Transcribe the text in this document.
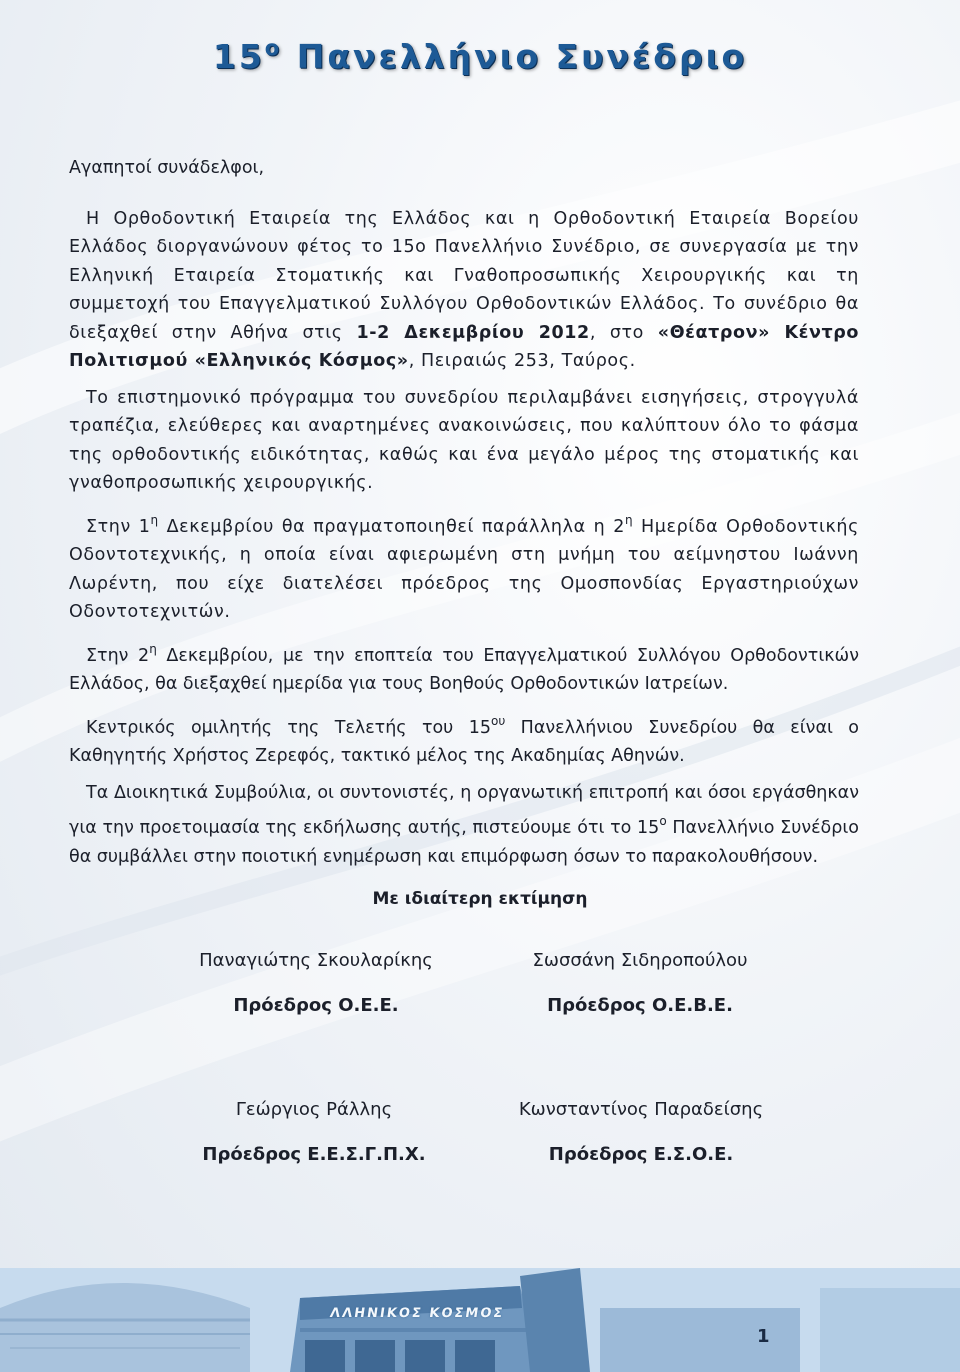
$15^o$ Πανελλήνιο Συνέδριο

Αγαπητοί συνάδελφοι,

Η Ορθοδοντική Εταιρεία της Ελλάδος και η Ορθοδοντική Εταιρεία Βορείου Ελλάδος διοργανώνουν φέτος το 15ο Πανελλήνιο Συνέδριο, σε συνεργασία με την Ελληνική Εταιρεία Στοματικής και Γναθοπροσωπικής Χειρουργικής και τη συμμετοχή του Επαγγελματικού Συλλόγου Ορθοδοντικών Ελλάδος. Το συνέδριο θα διεξαχθεί στην Αθήνα στις 1-2 Δεκεμβρίου 2012, στο «Θέατρον» Κέντρο Πολιτισμού «Ελληνικός Κόσμος», Πειραιώς 253, Ταύρος.

Το επιστημονικό πρόγραμμα του συνεδρίου περιλαμβάνει εισηγήσεις, στρογγυλά τραπέζια, ελεύθερες και αναρτημένες ανακοινώσεις, που καλύπτουν όλο το φάσμα της ορθοδοντικής ειδικότητας, καθώς και ένα μεγάλο μέρος της στοματικής και γναθοπροσωπικής χειρουργικής.

Στην $1^\eta$ Δεκεμβρίου θα πραγματοποιηθεί παράλληλα η $2^\eta$ Ημερίδα Ορθοδοντικής Οδοντοτεχνικής, η οποία είναι αφιερωμένη στη μνήμη του αείμνηστου Ιωάννη Λωρέντη, που είχε διατελέσει πρόεδρος της Ομοσπονδίας Εργαστηριούχων Οδοντοτεχνιτών.

Στην $2^\eta$ Δεκεμβρίου, με την εποπτεία του Επαγγελματικού Συλλόγου Ορθοδοντικών Ελλάδος, θα διεξαχθεί ημερίδα για τους Βοηθούς Ορθοδοντικών Ιατρείων.

Κεντρικός ομιλητής της Τελετής του $15^{o\upsilon}$ Πανελλήνιου Συνεδρίου θα είναι ο Καθηγητής Χρήστος Ζερεφός, τακτικό μέλος της Ακαδημίας Αθηνών.

Τα Διοικητικά Συμβούλια, οι συντονιστές, η οργανωτική επιτροπή και όσοι εργάσθηκαν για την προετοιμασία της εκδήλωσης αυτής, πιστεύουμε ότι το $15^o$ Πανελλήνιο Συνέδριο θα συμβάλλει στην ποιοτική ενημέρωση και επιμόρφωση όσων το παρακολουθήσουν.

Με ιδιαίτερη εκτίμηση
Παναγιώτης Σκουλαρίκης
Πρόεδρος Ο.Ε.Ε.
Σωσσάνη Σιδηροπούλου
Πρόεδρος Ο.Ε.Β.Ε.
Γεώργιος Ράλλης
Πρόεδρος Ε.Ε.Σ.Γ.Π.Χ.
Κωνσταντίνος Παραδείσης
Πρόεδρος Ε.Σ.Ο.Ε.
ΛΛΗΝΙΚΟΣ ΚΟΣΜΟΣ
1
